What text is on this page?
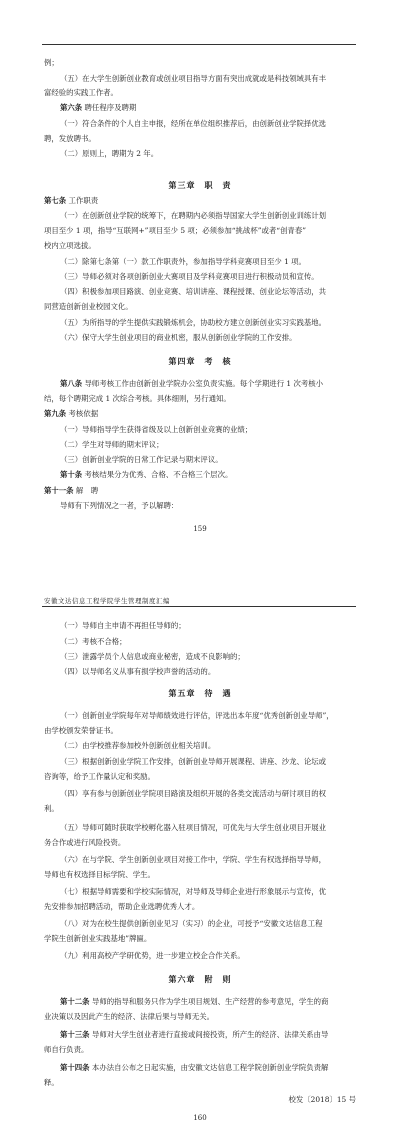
安徽文达信息工程学院学生管理制度汇编
例；
（五）在大学生创新创业教育或创业项目指导方面有突出成就或是科技领域具有丰
富经验的实践工作者。
第六条 聘任程序及聘期
（一）符合条件的个人自主申报，经所在单位组织推荐后，由创新创业学院择优选
聘，发放聘书。
（二）原则上，聘期为 2 年。
第七条 工作职责
（一）在创新创业学院的统筹下，在聘期内必须指导国家大学生创新创业训练计划
项目至少 1 项，指导“互联网+”项目至少 5 项；必须参加“挑战杯”或者“创青春”
校内立项选拔。
（二）除第七条第（一）款工作职责外，参加指导学科竞赛项目至少 1 项。
（三）导师必须对各项创新创业大赛项目及学科竞赛项目进行积极动员和宣传。
（四）积极参加项目路演、创业竞赛、培训讲座、课程授课、创业论坛等活动，共
同营造创新创业校园文化。
（五）为所指导的学生提供实践锻炼机会，协助校方建立创新创业实习实践基地。
（六）保守大学生创业项目的商业机密，服从创新创业学院的工作安排。
第八条 导师考核工作由创新创业学院办公室负责实施。每个学期进行 1 次考核小
结，每个聘期完成 1 次综合考核。具体细则，另行通知。
第九条 考核依据
（一）导师指导学生获得省级及以上创新创业竞赛的业绩；
（二）学生对导师的期末评议；
（三）创新创业学院的日常工作记录与期末评议。
第十条 考核结果分为优秀、合格、不合格三个层次。
第十一条 解　聘
导师有下列情况之一者，予以解聘：
第三章　职　责
第四章　考　核
（一）导师自主申请不再担任导师的；
（二）考核不合格；
（三）泄露学员个人信息或商业秘密，造成不良影响的；
（四）以导师名义从事有损学校声誉的活动的。
（一）创新创业学院每年对导师绩效进行评估，评选出本年度“优秀创新创业导师”，
由学校颁发荣誉证书。
（二）由学校推荐参加校外创新创业相关培训。
（三）根据创新创业学院工作安排，创新创业导师开展课程、讲座、沙龙、论坛或
咨询等，给予工作量认定和奖励。
（四）享有参与创新创业学院项目路演及组织开展的各类交流活动与研讨项目的权
利。
（五）导师可随时获取学校孵化器入驻项目情况，可优先与大学生创业项目开展业
务合作或进行风险投资。
（六）在与学院、学生创新创业项目对接工作中，学院、学生有权选择指导导师，
导师也有权选择目标学院、学生。
（七）根据导师需要和学校实际情况，对导师及导师企业进行形象展示与宣传，优
先安排参加招聘活动，帮助企业选聘优秀人才。
（八）对为在校生提供创新创业见习（实习）的企业，可授予“安徽文达信息工程
学院生创新创业实践基地”牌匾。
（九）利用高校产学研优势，进一步建立校企合作关系。
第十二条 导师的指导和服务只作为学生项目规划、生产经营的参考意见，学生的商
业决策以及因此产生的经济、法律后果与导师无关。
第十三条 导师对大学生创业者进行直接或间接投资，所产生的经济、法律关系由导
师自行负责。
第十四条 本办法自公布之日起实施，由安徽文达信息工程学院创新创业学院负责解
释。
第五章　待　遇
第六章　附　则
159
校发〔2018〕15 号
160
